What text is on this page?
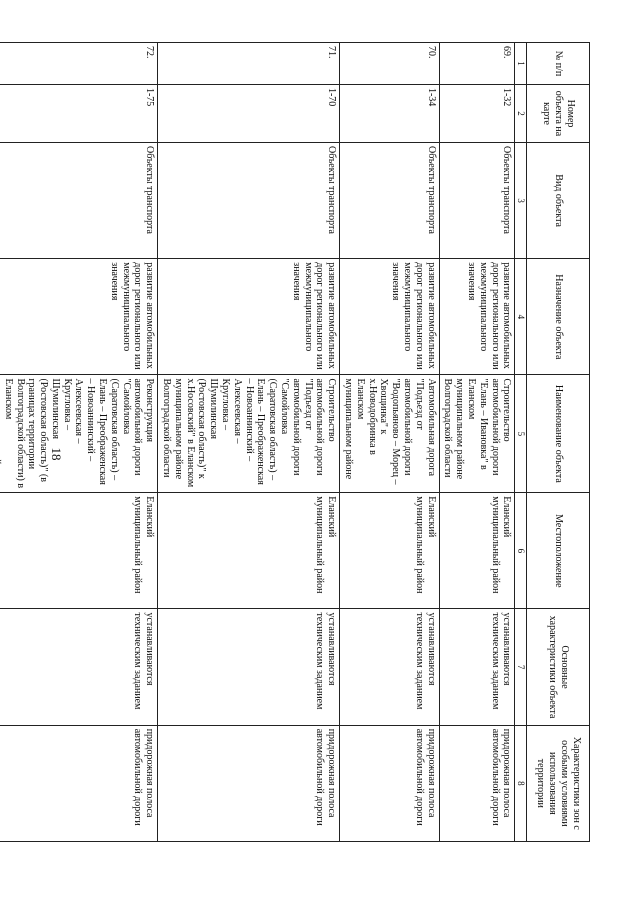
18
№ п/п	Номер объекта на карте	Вид объекта	Назначение объекта	Наименование объекта	Местоположение	Основные характеристики объекта	Характеристики зон с особыми условиями использования территории
1	2	3	4	5	6	7	8
69.	1-32	Объекты транспорта	развитие автомобильных дорог регионального или межмуниципального значения	Строительство автомобильной дороги "Елань – Ивановка" в Еланском муниципальном районе Волгоградской области	Еланский муниципальный район	устанавливаются техническим заданием	придорожная полоса автомобильной дороги
70.	1-34	Объекты транспорта	развитие автомобильных дорог регионального или межмуниципального значения	Автомобильная дорога "Подъезд от автомобильной дороги "Водопьяново – Морец – Хвощинка" к х.Новодобринка в Еланском муниципальном районе	Еланский муниципальный район	устанавливаются техническим заданием	придорожная полоса автомобильной дороги
71.	1-70	Объекты транспорта	развитие автомобильных дорог регионального или межмуниципального значения	Строительство автомобильной дороги "Подъезд от автомобильной дороги "Самойловка (Саратовская область) – Елань – Преображенская – Новоаннинский – Алексеевская – Кругловка – Шумилинская (Ростовская область)" к х.Носовский" в Еланском муниципальном районе Волгоградской области	Еланский муниципальный район	устанавливаются техническим заданием	придорожная полоса автомобильной дороги
72.	1-75	Объекты транспорта	развитие автомобильных дорог регионального или межмуниципального значения	Реконструкция автомобильной дороги "Самойловка (Саратовская область) – Елань – Преображенская – Новоаннинский – Алексеевская – Кругловка – Шумилинская (Ростовская область)" (в границах территории Волгоградской области) в Еланском	Еланский муниципальный район	устанавливаются техническим заданием	придорожная полоса автомобильной дороги
